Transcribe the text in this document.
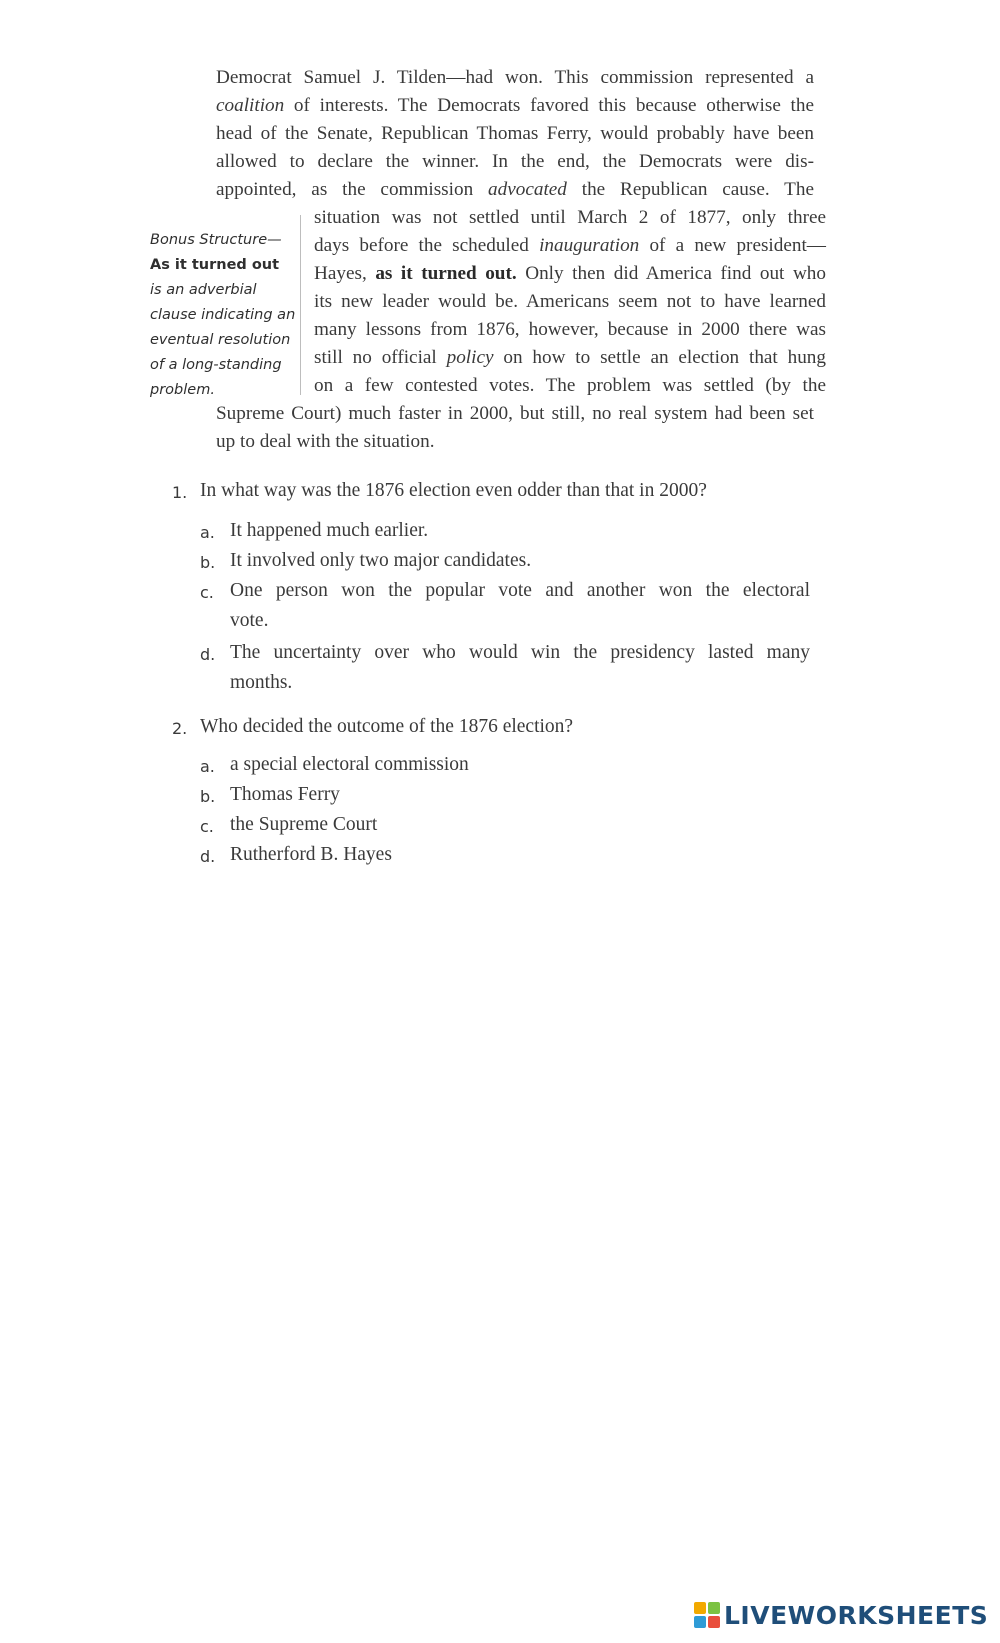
Democrat Samuel J. Tilden—had won. This commission represented a
coalition of interests. The Democrats favored this because otherwise the
head of the Senate, Republican Thomas Ferry, would probably have been
allowed to declare the winner. In the end, the Democrats were dis-
appointed, as the commission advocated the Republican cause. The
situation was not settled until March 2 of 1877, only three
days before the scheduled inauguration of a new president—
Hayes, as it turned out. Only then did America find out who
its new leader would be. Americans seem not to have learned
many lessons from 1876, however, because in 2000 there was
still no official policy on how to settle an election that hung
on a few contested votes. The problem was settled (by the
Supreme Court) much faster in 2000, but still, no real system had been set
up to deal with the situation.
Bonus Structure—
As it turned out
is an adverbial
clause indicating an
eventual resolution
of a long-standing
problem.
1. In what way was the 1876 election even odder than that in 2000?
a. It happened much earlier.
b. It involved only two major candidates.
c. One person won the popular vote and another won the electoral
vote.
d. The uncertainty over who would win the presidency lasted many
months.
2. Who decided the outcome of the 1876 election?
a. a special electoral commission
b. Thomas Ferry
c. the Supreme Court
d. Rutherford B. Hayes
LIVEWORKSHEETS
